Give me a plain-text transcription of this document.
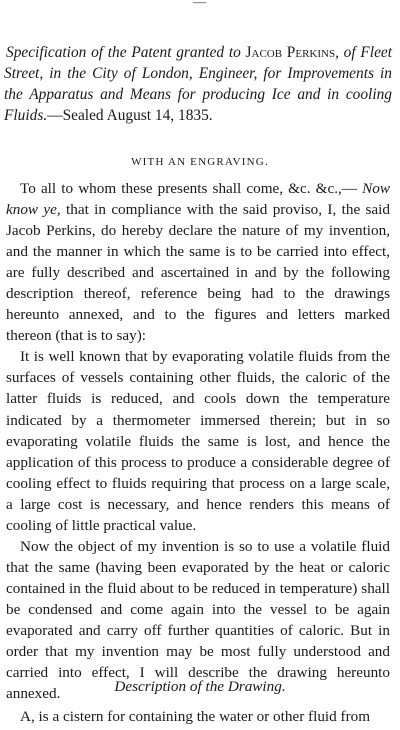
—
Specification of the Patent granted to Jacob Perkins, of Fleet Street, in the City of London, Engineer, for Improvements in the Apparatus and Means for producing Ice and in cooling Fluids.—Sealed August 14, 1835.
WITH AN ENGRAVING.

To all to whom these presents shall come, &c. &c.,— Now know ye, that in compliance with the said proviso, I, the said Jacob Perkins, do hereby declare the nature of my invention, and the manner in which the same is to be carried into effect, are fully described and ascertained in and by the following description thereof, reference being had to the drawings hereunto annexed, and to the figures and letters marked thereon (that is to say):

It is well known that by evaporating volatile fluids from the surfaces of vessels containing other fluids, the caloric of the latter fluids is reduced, and cools down the temperature indicated by a thermometer immersed therein; but in so evaporating volatile fluids the same is lost, and hence the application of this process to produce a considerable degree of cooling effect to fluids requiring that process on a large scale, a large cost is necessary, and hence renders this means of cooling of little practical value.

Now the object of my invention is so to use a volatile fluid that the same (having been evaporated by the heat or caloric contained in the fluid about to be reduced in temperature) shall be condensed and come again into the vessel to be again evaporated and carry off further quantities of caloric. But in order that my invention may be most fully understood and carried into effect, I will describe the drawing hereunto annexed.	Description of the Drawing.
A, is a cistern for containing the water or other fluid from
